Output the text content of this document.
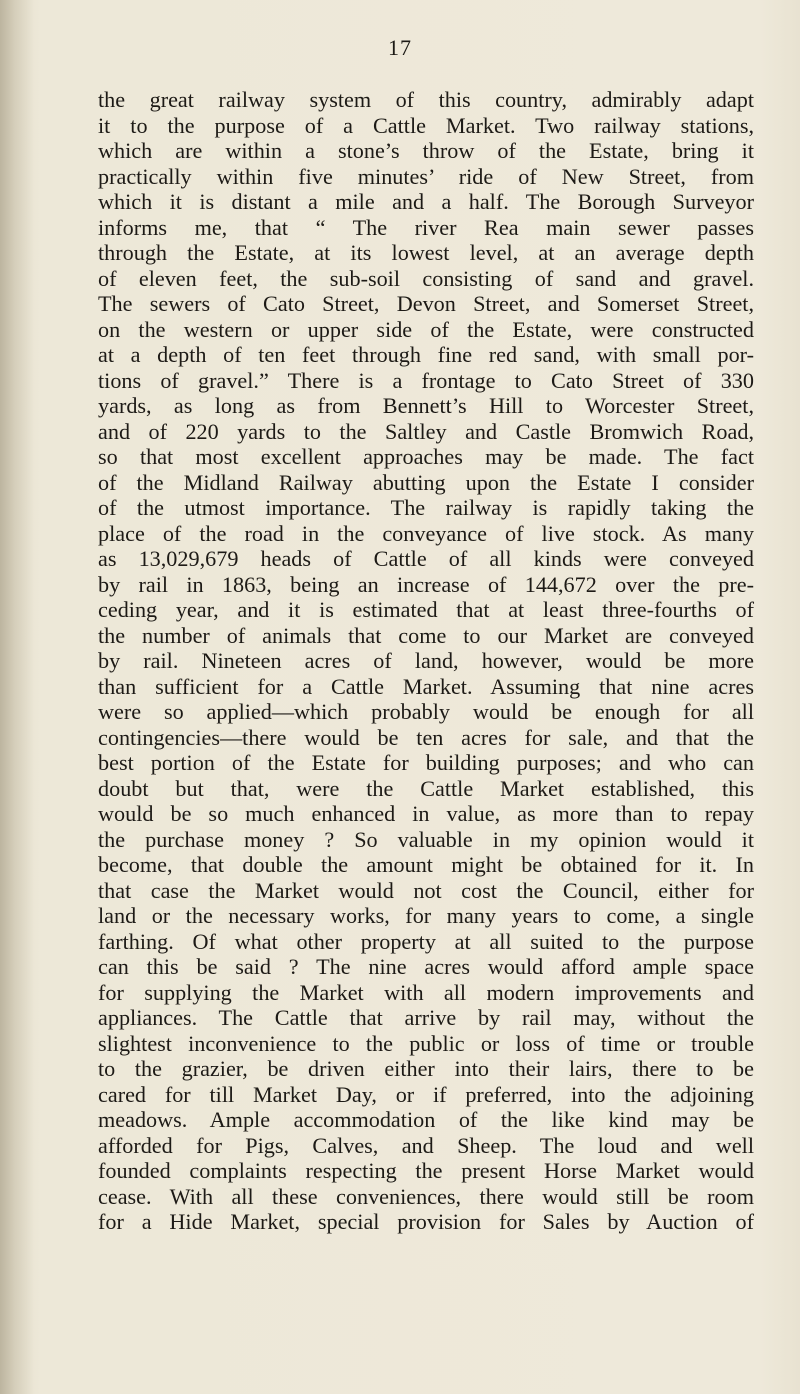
17
the great railway system of this country, admirably adapt
it to the purpose of a Cattle Market. Two railway stations,
which are within a stone’s throw of the Estate, bring it
practically within five minutes’ ride of New Street, from
which it is distant a mile and a half. The Borough Surveyor
informs me, that “ The river Rea main sewer passes
through the Estate, at its lowest level, at an average depth
of eleven feet, the sub-soil consisting of sand and gravel.
The sewers of Cato Street, Devon Street, and Somerset Street,
on the western or upper side of the Estate, were constructed
at a depth of ten feet through fine red sand, with small por-
tions of gravel.” There is a frontage to Cato Street of 330
yards, as long as from Bennett’s Hill to Worcester Street,
and of 220 yards to the Saltley and Castle Bromwich Road,
so that most excellent approaches may be made. The fact
of the Midland Railway abutting upon the Estate I consider
of the utmost importance. The railway is rapidly taking the
place of the road in the conveyance of live stock. As many
as 13,029,679 heads of Cattle of all kinds were conveyed
by rail in 1863, being an increase of 144,672 over the pre-
ceding year, and it is estimated that at least three-fourths of
the number of animals that come to our Market are conveyed
by rail. Nineteen acres of land, however, would be more
than sufficient for a Cattle Market. Assuming that nine acres
were so applied—which probably would be enough for all
contingencies—there would be ten acres for sale, and that the
best portion of the Estate for building purposes; and who can
doubt but that, were the Cattle Market established, this
would be so much enhanced in value, as more than to repay
the purchase money ? So valuable in my opinion would it
become, that double the amount might be obtained for it. In
that case the Market would not cost the Council, either for
land or the necessary works, for many years to come, a single
farthing. Of what other property at all suited to the purpose
can this be said ? The nine acres would afford ample space
for supplying the Market with all modern improvements and
appliances. The Cattle that arrive by rail may, without the
slightest inconvenience to the public or loss of time or trouble
to the grazier, be driven either into their lairs, there to be
cared for till Market Day, or if preferred, into the adjoining
meadows. Ample accommodation of the like kind may be
afforded for Pigs, Calves, and Sheep. The loud and well
founded complaints respecting the present Horse Market would
cease. With all these conveniences, there would still be room
for a Hide Market, special provision for Sales by Auction of
